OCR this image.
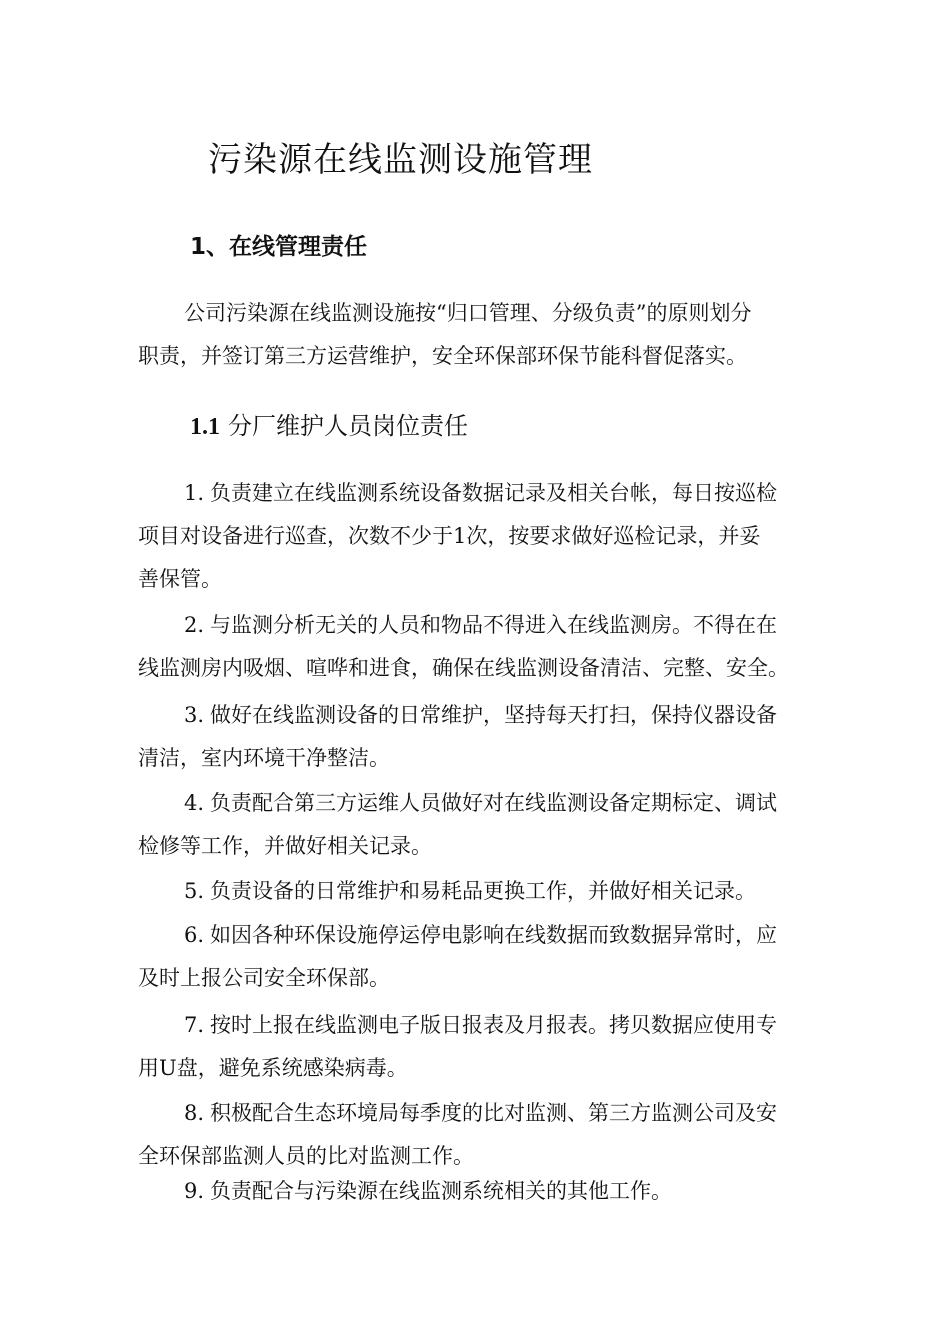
污染源在线监测设施管理
1、在线管理责任
公司污染源在线监测设施按“归口管理、分级负责”的原则划分
职责，并签订第三方运营维护，安全环保部环保节能科督促落实。
1.1 分厂维护人员岗位责任
1. 负责建立在线监测系统设备数据记录及相关台帐，每日按巡检
项目对设备进行巡查，次数不少于1次，按要求做好巡检记录，并妥
善保管。
2. 与监测分析无关的人员和物品不得进入在线监测房。不得在在
线监测房内吸烟、喧哗和进食，确保在线监测设备清洁、完整、安全。
3. 做好在线监测设备的日常维护，坚持每天打扫，保持仪器设备
清洁，室内环境干净整洁。
4. 负责配合第三方运维人员做好对在线监测设备定期标定、调试
检修等工作，并做好相关记录。
5. 负责设备的日常维护和易耗品更换工作，并做好相关记录。
6. 如因各种环保设施停运停电影响在线数据而致数据异常时，应
及时上报公司安全环保部。
7. 按时上报在线监测电子版日报表及月报表。拷贝数据应使用专
用U盘，避免系统感染病毒。
8. 积极配合生态环境局每季度的比对监测、第三方监测公司及安
全环保部监测人员的比对监测工作。
9. 负责配合与污染源在线监测系统相关的其他工作。
